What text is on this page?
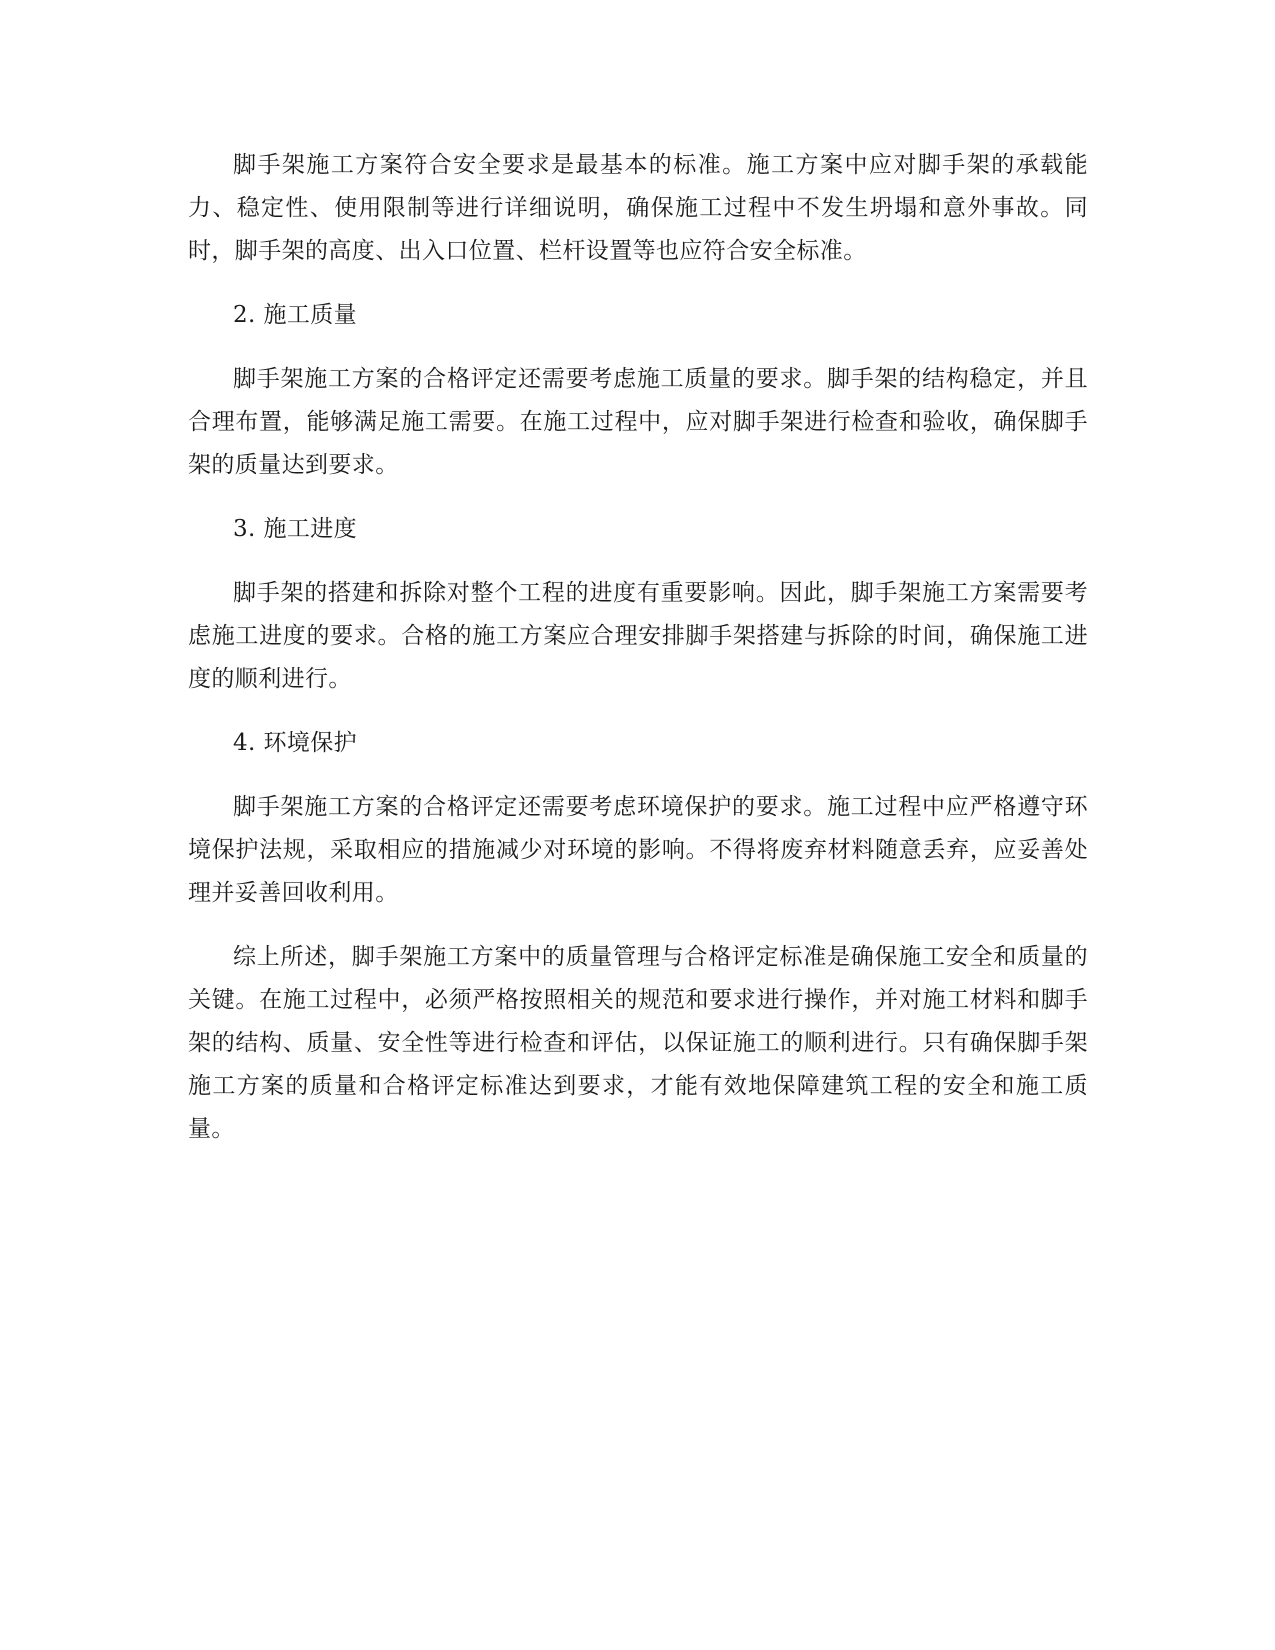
脚手架施工方案符合安全要求是最基本的标准。施工方案中应对脚手架的承载能力、稳定性、使用限制等进行详细说明，确保施工过程中不发生坍塌和意外事故。同时，脚手架的高度、出入口位置、栏杆设置等也应符合安全标准。

2. 施工质量

脚手架施工方案的合格评定还需要考虑施工质量的要求。脚手架的结构稳定，并且合理布置，能够满足施工需要。在施工过程中，应对脚手架进行检查和验收，确保脚手架的质量达到要求。

3. 施工进度

脚手架的搭建和拆除对整个工程的进度有重要影响。因此，脚手架施工方案需要考虑施工进度的要求。合格的施工方案应合理安排脚手架搭建与拆除的时间，确保施工进度的顺利进行。

4. 环境保护

脚手架施工方案的合格评定还需要考虑环境保护的要求。施工过程中应严格遵守环境保护法规，采取相应的措施减少对环境的影响。不得将废弃材料随意丢弃，应妥善处理并妥善回收利用。

综上所述，脚手架施工方案中的质量管理与合格评定标准是确保施工安全和质量的关键。在施工过程中，必须严格按照相关的规范和要求进行操作，并对施工材料和脚手架的结构、质量、安全性等进行检查和评估，以保证施工的顺利进行。只有确保脚手架施工方案的质量和合格评定标准达到要求，才能有效地保障建筑工程的安全和施工质量。
